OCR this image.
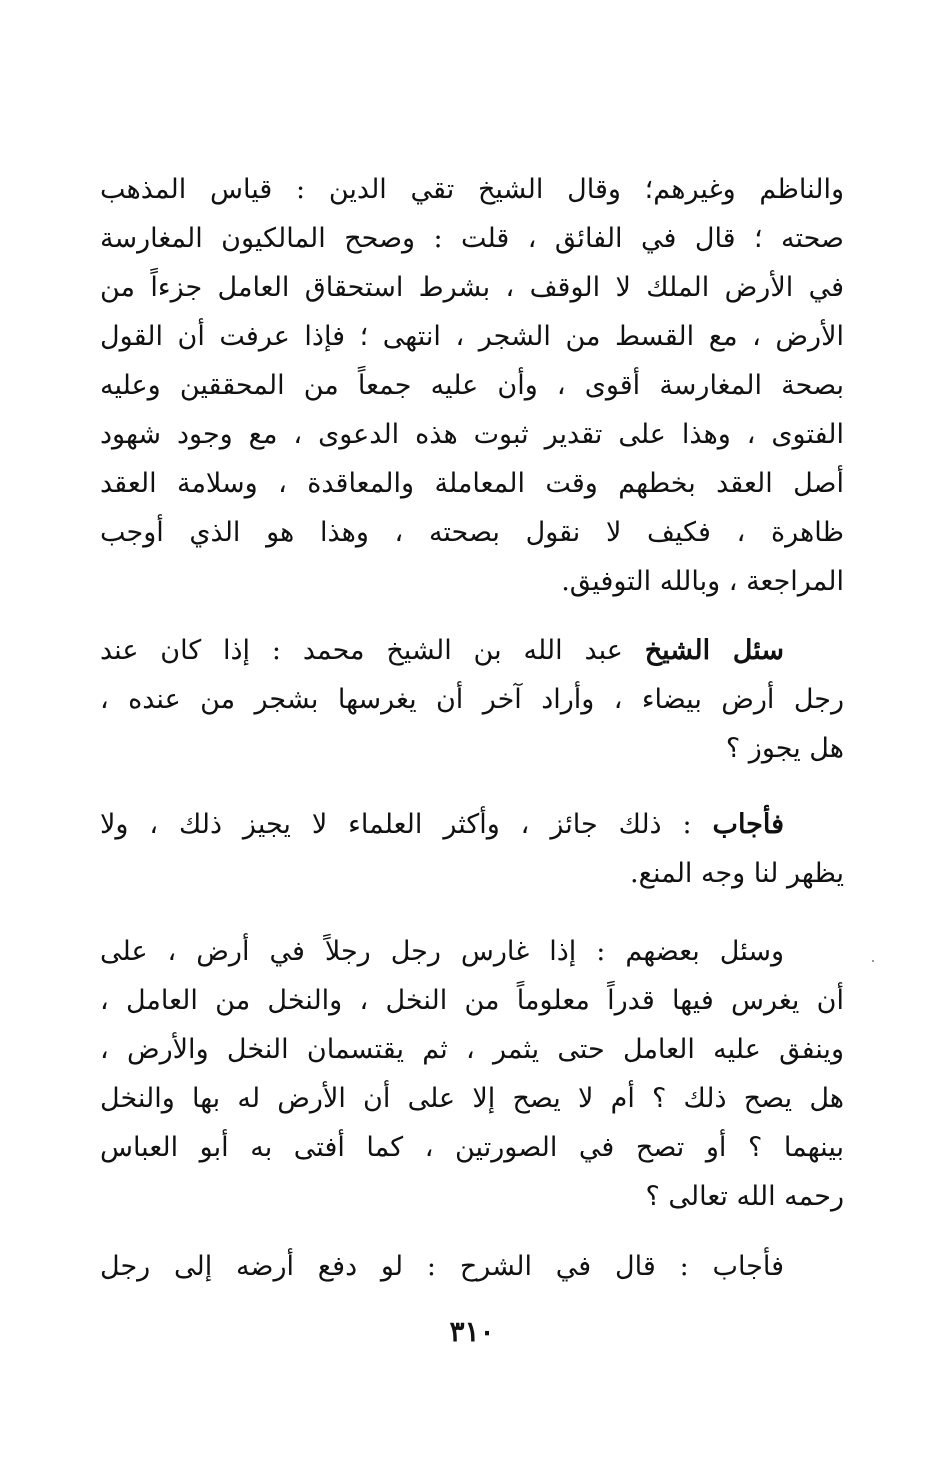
والناظم وغيرهم؛ وقال الشيخ تقي الدين : قياس المذهب
صحته ؛ قال في الفائق ، قلت : وصحح المالكيون المغارسة
في الأرض الملك لا الوقف ، بشرط استحقاق العامل جزءاً من
الأرض ، مع القسط من الشجر ، انتهى ؛ فإذا عرفت أن القول
بصحة المغارسة أقوى ، وأن عليه جمعاً من المحققين وعليه
الفتوى ، وهذا على تقدير ثبوت هذه الدعوى ، مع وجود شهود
أصل العقد بخطهم وقت المعاملة والمعاقدة ، وسلامة العقد
ظاهرة ، فكيف لا نقول بصحته ، وهذا هو الذي أوجب
المراجعة ، وبالله التوفيق.
سئل الشيخ عبد الله بن الشيخ محمد : إذا كان عند
رجل أرض بيضاء ، وأراد آخر أن يغرسها بشجر من عنده ،
هل يجوز ؟
فأجاب : ذلك جائز ، وأكثر العلماء لا يجيز ذلك ، ولا
يظهر لنا وجه المنع.
وسئل بعضهم : إذا غارس رجل رجلاً في أرض ، على
أن يغرس فيها قدراً معلوماً من النخل ، والنخل من العامل ،
وينفق عليه العامل حتى يثمر ، ثم يقتسمان النخل والأرض ،
هل يصح ذلك ؟ أم لا يصح إلا على أن الأرض له بها والنخل
بينهما ؟ أو تصح في الصورتين ، كما أفتى به أبو العباس
رحمه الله تعالى ؟
فأجاب : قال في الشرح : لو دفع أرضه إلى رجل
٣١٠
